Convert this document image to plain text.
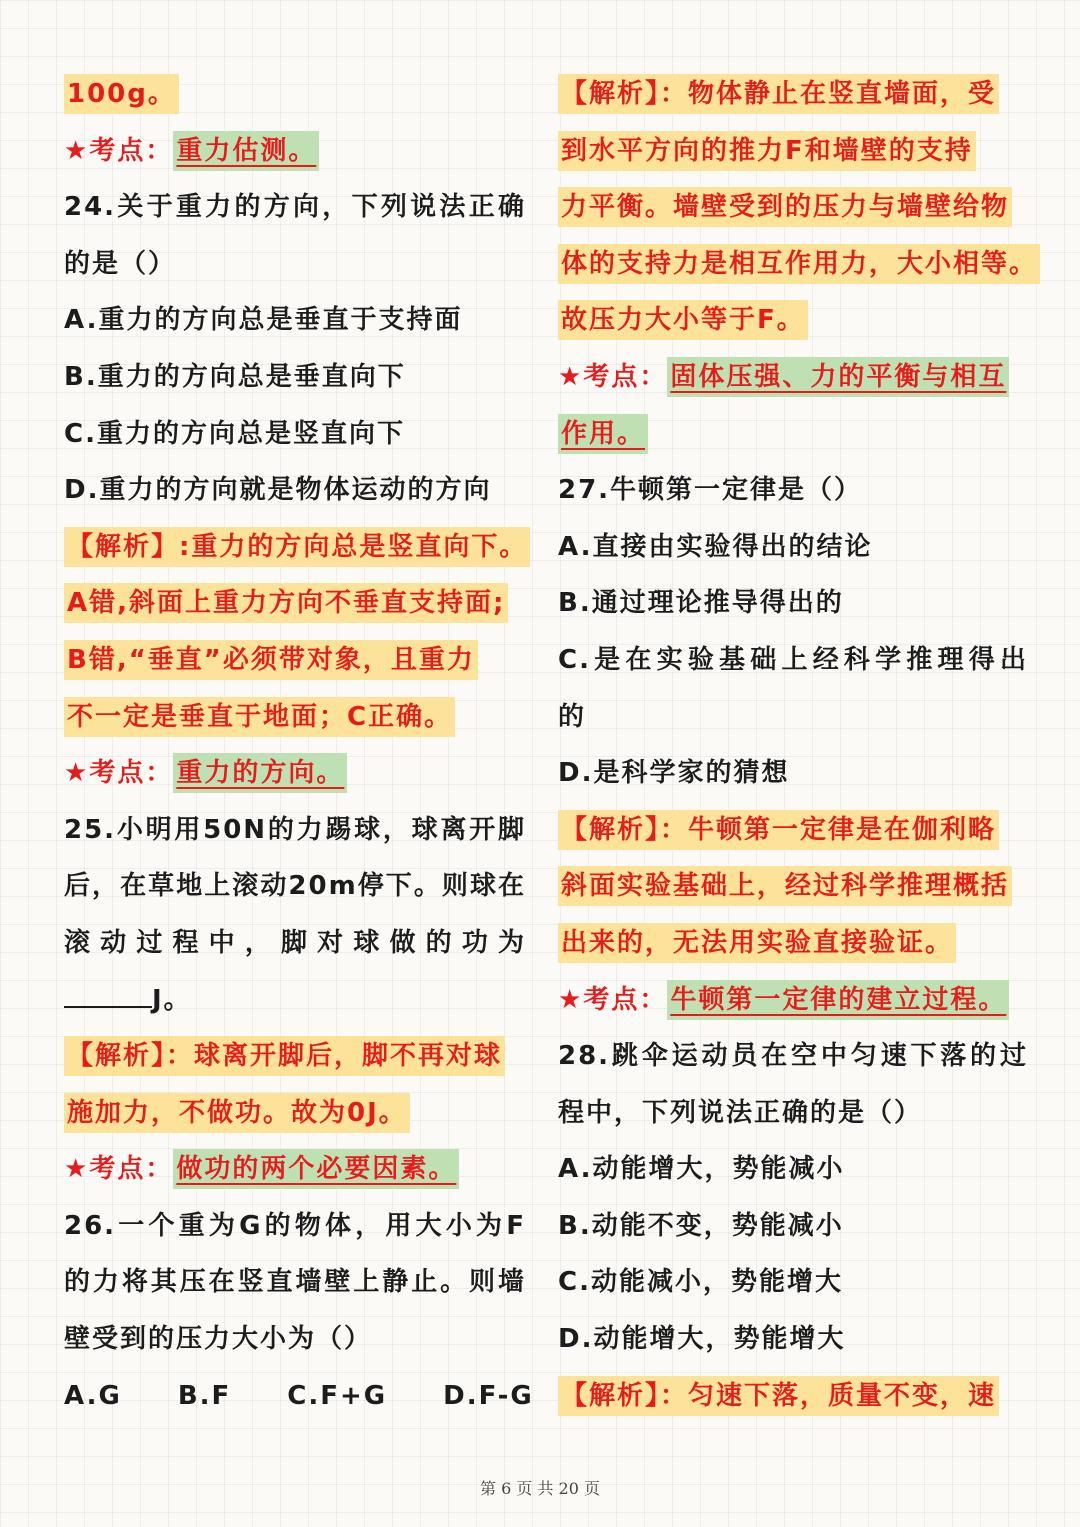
100g。
★考点： 重力估测。
24.关于重力的方向，下列说法正确
的是（）
A.重力的方向总是垂直于支持面
B.重力的方向总是垂直向下
C.重力的方向总是竖直向下
D.重力的方向就是物体运动的方向
【解析】:重力的方向总是竖直向下。
A错,斜面上重力方向不垂直支持面;
B错,“垂直”必须带对象，且重力
不一定是垂直于地面；C正确。
★考点： 重力的方向。
25.小明用50N的力踢球，球离开脚
后，在草地上滚动20m停下。则球在
滚动过程中，脚对球做的功为
J。
【解析】：球离开脚后，脚不再对球
施加力，不做功。故为0J。
★考点： 做功的两个必要因素。
26.一个重为G的物体，用大小为F
的力将其压在竖直墙壁上静止。则墙
壁受到的压力大小为（）
A.G B.F C.F+G D.F-G
【解析】：物体静止在竖直墙面，受
到水平方向的推力F和墙壁的支持
力平衡。墙壁受到的压力与墙壁给物
体的支持力是相互作用力，大小相等。
故压力大小等于F。
★考点： 固体压强、力的平衡与相互
作用。
27.牛顿第一定律是（）
A.直接由实验得出的结论
B.通过理论推导得出的
C.是在实验基础上经科学推理得出
的
D.是科学家的猜想
【解析】：牛顿第一定律是在伽利略
斜面实验基础上，经过科学推理概括
出来的，无法用实验直接验证。
★考点： 牛顿第一定律的建立过程。
28.跳伞运动员在空中匀速下落的过
程中，下列说法正确的是（）
A.动能增大，势能减小
B.动能不变，势能减小
C.动能减小，势能增大
D.动能增大，势能增大
【解析】：匀速下落，质量不变，速
第 6 页 共 20 页
